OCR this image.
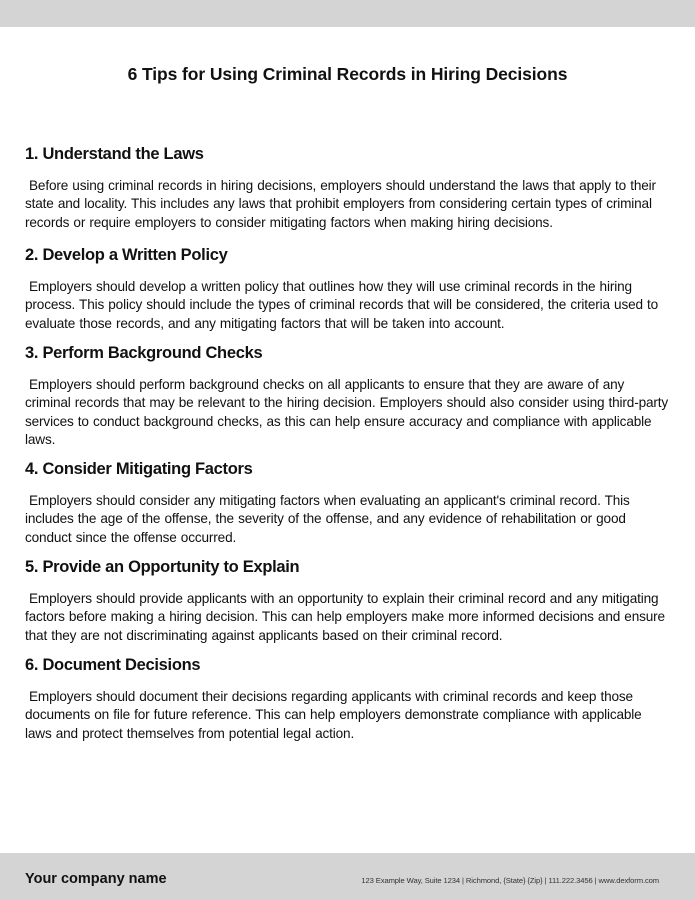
6 Tips for Using Criminal Records in Hiring Decisions
1. Understand the Laws

Before using criminal records in hiring decisions, employers should understand the laws that apply to their state and locality. This includes any laws that prohibit employers from considering certain types of criminal records or require employers to consider mitigating factors when making hiring decisions.

2. Develop a Written Policy

Employers should develop a written policy that outlines how they will use criminal records in the hiring process. This policy should include the types of criminal records that will be considered, the criteria used to evaluate those records, and any mitigating factors that will be taken into account.

3. Perform Background Checks

Employers should perform background checks on all applicants to ensure that they are aware of any criminal records that may be relevant to the hiring decision. Employers should also consider using third-party services to conduct background checks, as this can help ensure accuracy and compliance with applicable laws.

4. Consider Mitigating Factors

Employers should consider any mitigating factors when evaluating an applicant's criminal record. This includes the age of the offense, the severity of the offense, and any evidence of rehabilitation or good conduct since the offense occurred.

5. Provide an Opportunity to Explain

Employers should provide applicants with an opportunity to explain their criminal record and any mitigating factors before making a hiring decision. This can help employers make more informed decisions and ensure that they are not discriminating against applicants based on their criminal record.

6. Document Decisions

Employers should document their decisions regarding applicants with criminal records and keep those documents on file for future reference. This can help employers demonstrate compliance with applicable laws and protect themselves from potential legal action.

Your company name	123 Example Way, Suite 1234 | Richmond, {State} {Zip} | 111.222.3456 | www.dexform.com
